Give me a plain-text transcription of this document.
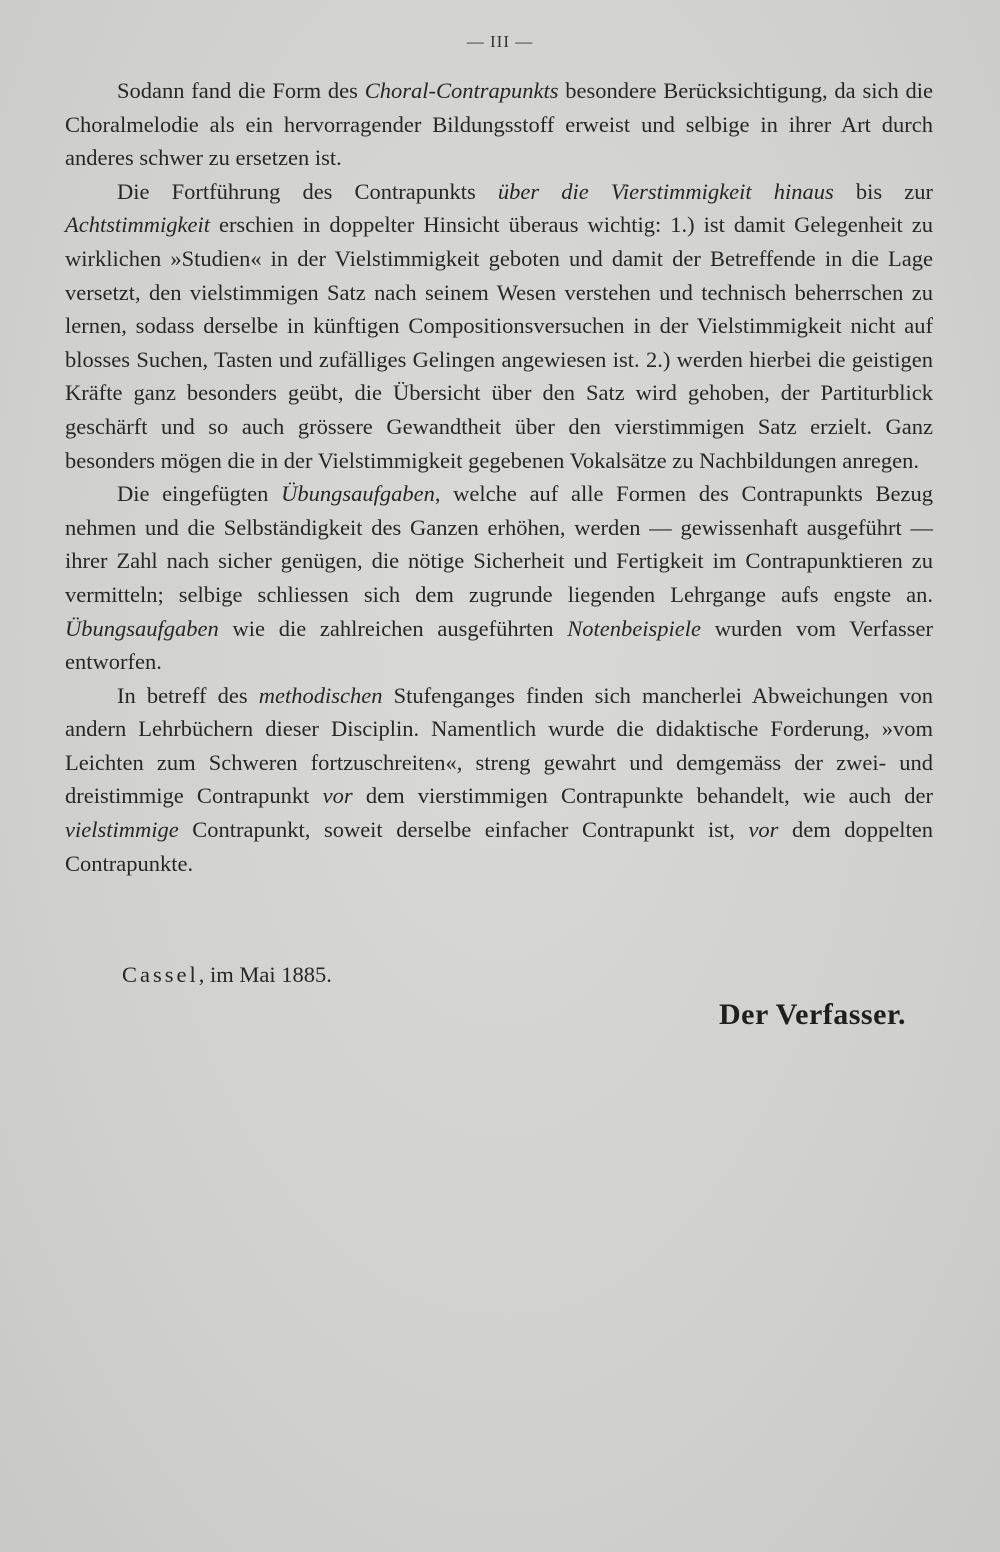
— III —

Sodann fand die Form des Choral-Contrapunkts besondere Berücksichtigung, da sich die Choralmelodie als ein hervorragender Bildungsstoff erweist und selbige in ihrer Art durch anderes schwer zu ersetzen ist.

Die Fortführung des Contrapunkts über die Vierstimmigkeit hinaus bis zur Achtstimmigkeit erschien in doppelter Hinsicht überaus wichtig: 1.) ist damit Gelegenheit zu wirklichen »Studien« in der Vielstimmigkeit geboten und damit der Betreffende in die Lage versetzt, den vielstimmigen Satz nach seinem Wesen verstehen und technisch beherrschen zu lernen, sodass derselbe in künftigen Compositionsversuchen in der Vielstimmigkeit nicht auf blosses Suchen, Tasten und zufälliges Gelingen angewiesen ist. 2.) werden hierbei die geistigen Kräfte ganz besonders geübt, die Übersicht über den Satz wird gehoben, der Partiturblick geschärft und so auch grössere Gewandtheit über den vierstimmigen Satz erzielt. Ganz besonders mögen die in der Vielstimmigkeit gegebenen Vokalsätze zu Nachbildungen anregen.

Die eingefügten Übungsaufgaben, welche auf alle Formen des Contrapunkts Bezug nehmen und die Selbständigkeit des Ganzen erhöhen, werden — gewissenhaft ausgeführt — ihrer Zahl nach sicher genügen, die nötige Sicherheit und Fertigkeit im Contrapunktieren zu vermitteln; selbige schliessen sich dem zugrunde liegenden Lehrgange aufs engste an. Übungsaufgaben wie die zahlreichen ausgeführten Notenbeispiele wurden vom Verfasser entworfen.

In betreff des methodischen Stufenganges finden sich mancherlei Abweichungen von andern Lehrbüchern dieser Disciplin. Namentlich wurde die didaktische Forderung, »vom Leichten zum Schweren fortzuschreiten«, streng gewahrt und demgemäss der zwei- und dreistimmige Contrapunkt vor dem vierstimmigen Contrapunkte behandelt, wie auch der vielstimmige Contrapunkt, soweit derselbe einfacher Contrapunkt ist, vor dem doppelten Contrapunkte.

Cassel, im Mai 1885.
Der Verfasser.
